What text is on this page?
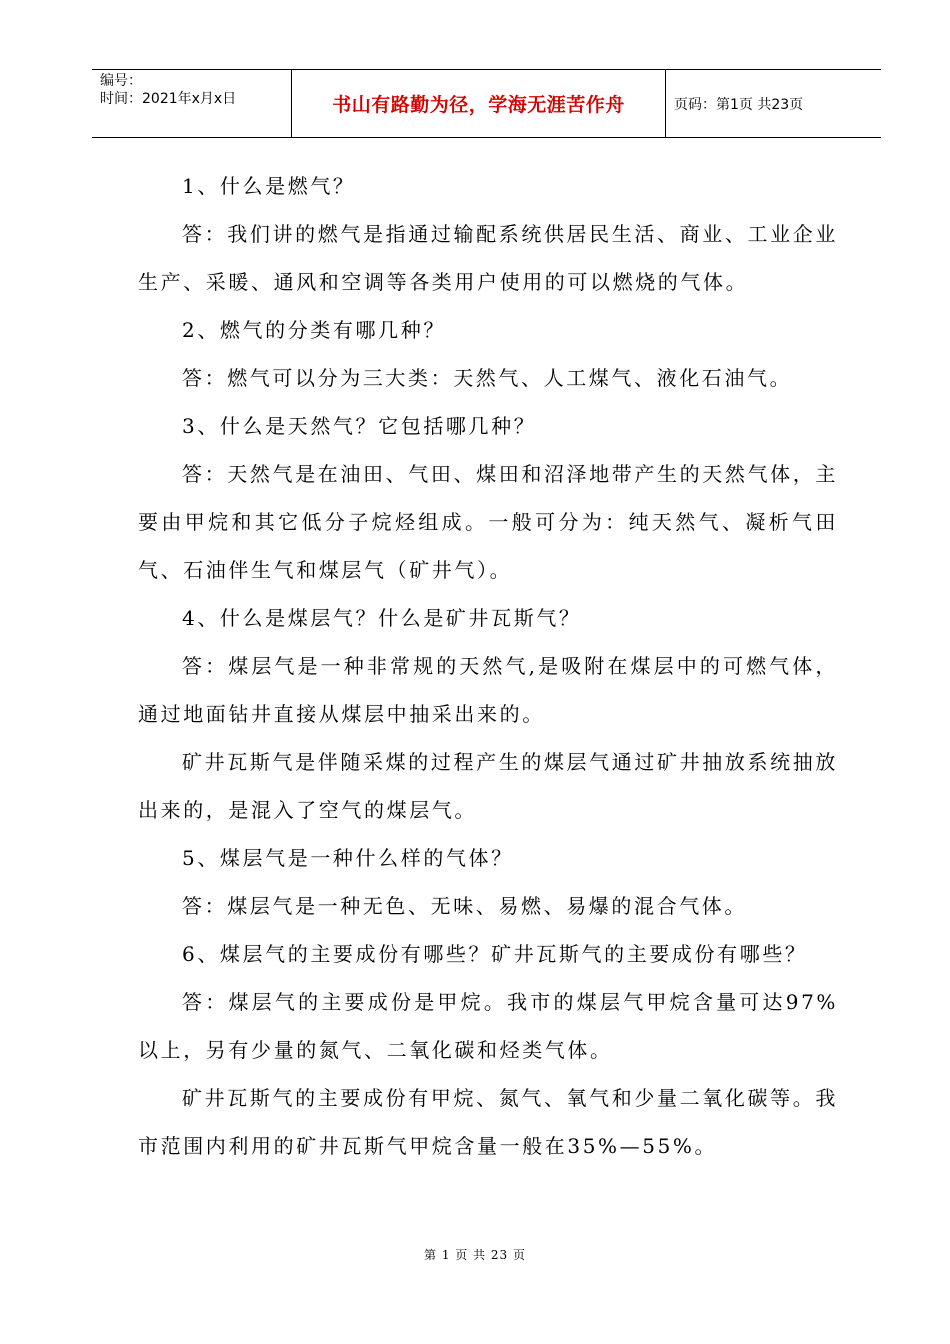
编号：
时间：2021年x月x日	书山有路勤为径，学海无涯苦作舟	页码：第1页 共23页

1、什么是燃气？

答：我们讲的燃气是指通过输配系统供居民生活、商业、工业企业生产、采暖、通风和空调等各类用户使用的可以燃烧的气体。

2、燃气的分类有哪几种？

答：燃气可以分为三大类：天然气、人工煤气、液化石油气。

3、什么是天然气？它包括哪几种？

答：天然气是在油田、气田、煤田和沼泽地带产生的天然气体，主要由甲烷和其它低分子烷烃组成。一般可分为：纯天然气、凝析气田气、石油伴生气和煤层气（矿井气）。

4、什么是煤层气？什么是矿井瓦斯气？

答：煤层气是一种非常规的天然气,是吸附在煤层中的可燃气体，通过地面钻井直接从煤层中抽采出来的。

矿井瓦斯气是伴随采煤的过程产生的煤层气通过矿井抽放系统抽放出来的，是混入了空气的煤层气。

5、煤层气是一种什么样的气体？

答：煤层气是一种无色、无味、易燃、易爆的混合气体。

6、煤层气的主要成份有哪些？矿井瓦斯气的主要成份有哪些？

答：煤层气的主要成份是甲烷。我市的煤层气甲烷含量可达97%以上，另有少量的氮气、二氧化碳和烃类气体。

矿井瓦斯气的主要成份有甲烷、氮气、氧气和少量二氧化碳等。我市范围内利用的矿井瓦斯气甲烷含量一般在35%—55%。

第 1 页 共 23 页
